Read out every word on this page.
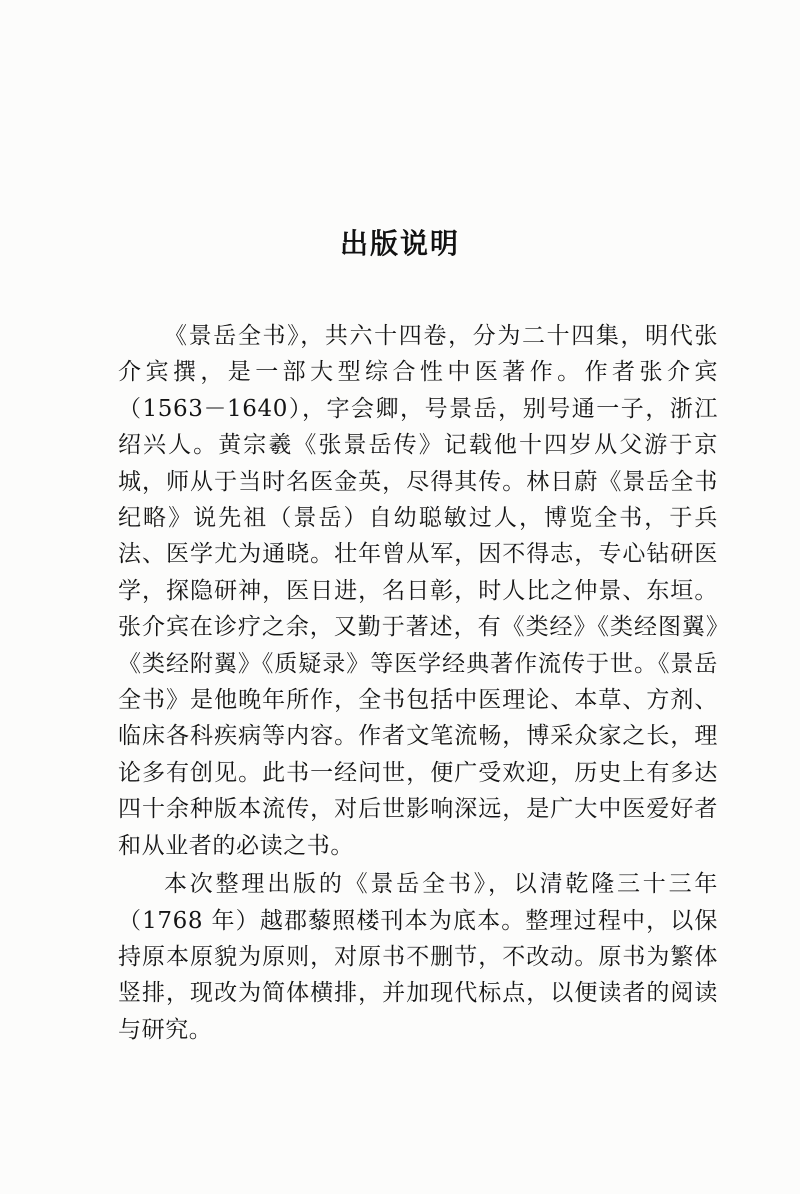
出版说明

《景岳全书》，共六十四卷，分为二十四集，明代张介宾撰，是一部大型综合性中医著作。作者张介宾（1563－1640），字会卿，号景岳，别号通一子，浙江绍兴人。黄宗羲《张景岳传》记载他十四岁从父游于京城，师从于当时名医金英，尽得其传。林日蔚《景岳全书纪略》说先祖（景岳）自幼聪敏过人，博览全书，于兵法、医学尤为通晓。壮年曾从军，因不得志，专心钻研医学，探隐研神，医日进，名日彰，时人比之仲景、东垣。张介宾在诊疗之余，又勤于著述，有《类经》《类经图翼》《类经附翼》《质疑录》等医学经典著作流传于世。《景岳全书》是他晚年所作，全书包括中医理论、本草、方剂、临床各科疾病等内容。作者文笔流畅，博采众家之长，理论多有创见。此书一经问世，便广受欢迎，历史上有多达四十余种版本流传，对后世影响深远，是广大中医爱好者和从业者的必读之书。

本次整理出版的《景岳全书》，以清乾隆三十三年（1768 年）越郡藜照楼刊本为底本。整理过程中，以保持原本原貌为原则，对原书不删节，不改动。原书为繁体竖排，现改为简体横排，并加现代标点，以便读者的阅读与研究。
